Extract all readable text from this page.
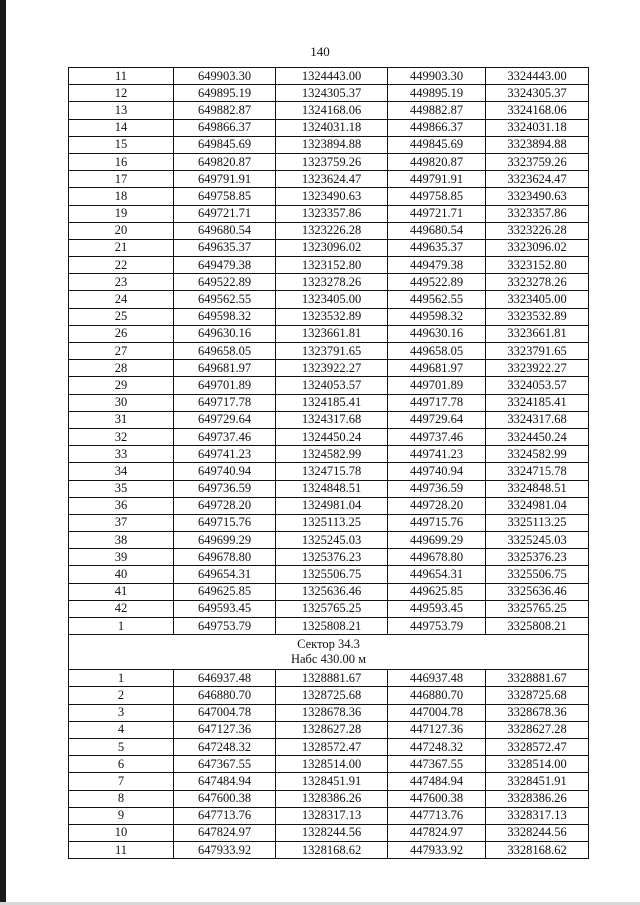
140
11	649903.30	1324443.00	449903.30	3324443.00
12	649895.19	1324305.37	449895.19	3324305.37
13	649882.87	1324168.06	449882.87	3324168.06
14	649866.37	1324031.18	449866.37	3324031.18
15	649845.69	1323894.88	449845.69	3323894.88
16	649820.87	1323759.26	449820.87	3323759.26
17	649791.91	1323624.47	449791.91	3323624.47
18	649758.85	1323490.63	449758.85	3323490.63
19	649721.71	1323357.86	449721.71	3323357.86
20	649680.54	1323226.28	449680.54	3323226.28
21	649635.37	1323096.02	449635.37	3323096.02
22	649479.38	1323152.80	449479.38	3323152.80
23	649522.89	1323278.26	449522.89	3323278.26
24	649562.55	1323405.00	449562.55	3323405.00
25	649598.32	1323532.89	449598.32	3323532.89
26	649630.16	1323661.81	449630.16	3323661.81
27	649658.05	1323791.65	449658.05	3323791.65
28	649681.97	1323922.27	449681.97	3323922.27
29	649701.89	1324053.57	449701.89	3324053.57
30	649717.78	1324185.41	449717.78	3324185.41
31	649729.64	1324317.68	449729.64	3324317.68
32	649737.46	1324450.24	449737.46	3324450.24
33	649741.23	1324582.99	449741.23	3324582.99
34	649740.94	1324715.78	449740.94	3324715.78
35	649736.59	1324848.51	449736.59	3324848.51
36	649728.20	1324981.04	449728.20	3324981.04
37	649715.76	1325113.25	449715.76	3325113.25
38	649699.29	1325245.03	449699.29	3325245.03
39	649678.80	1325376.23	449678.80	3325376.23
40	649654.31	1325506.75	449654.31	3325506.75
41	649625.85	1325636.46	449625.85	3325636.46
42	649593.45	1325765.25	449593.45	3325765.25
1	649753.79	1325808.21	449753.79	3325808.21

Сектор 34.3
Набс 430.00 м				

1	646937.48	1328881.67	446937.48	3328881.67
2	646880.70	1328725.68	446880.70	3328725.68
3	647004.78	1328678.36	447004.78	3328678.36
4	647127.36	1328627.28	447127.36	3328627.28
5	647248.32	1328572.47	447248.32	3328572.47
6	647367.55	1328514.00	447367.55	3328514.00
7	647484.94	1328451.91	447484.94	3328451.91
8	647600.38	1328386.26	447600.38	3328386.26
9	647713.76	1328317.13	447713.76	3328317.13
10	647824.97	1328244.56	447824.97	3328244.56
11	647933.92	1328168.62	447933.92	3328168.62
